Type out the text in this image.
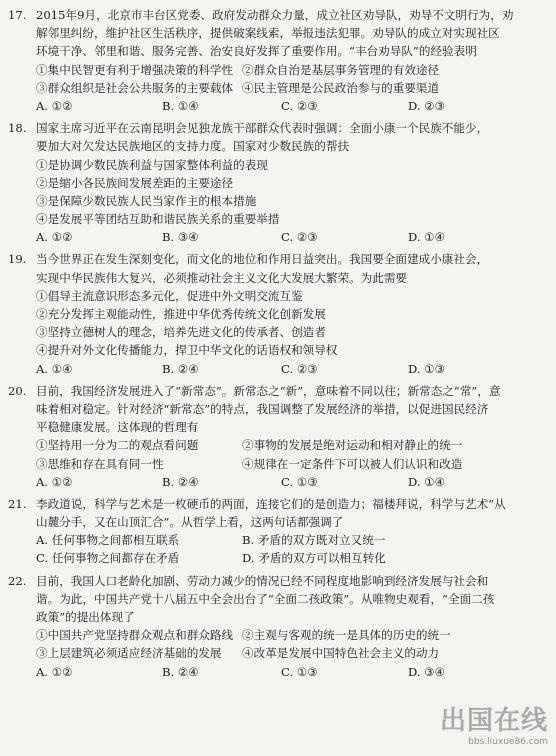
17. 2015年9月，北京市丰台区党委、政府发动群众力量，成立社区劝导队，劝导不文明行为，劝
解邻里纠纷，维护社区生活秩序，提供破案线索，举报违法犯罪。劝导队的成立对实现社区
环境干净、邻里和谐、服务完善、治安良好发挥了重要作用。“丰台劝导队”的经验表明
①集中民智更有利于增强决策的科学性 ②群众自治是基层事务管理的有效途径
③群众组织是社会公共服务的主要载体 ④民主管理是公民政治参与的重要渠道
A. ①②	B. ①④	C. ②③	D. ②③
18. 国家主席习近平在云南昆明会见独龙族干部群众代表时强调：全面小康一个民族不能少，
要加大对欠发达民族地区的支持力度。国家对少数民族的帮扶
①是协调少数民族利益与国家整体利益的表现
②是缩小各民族间发展差距的主要途径
③是保障少数民族人民当家作主的根本措施
④是发展平等团结互助和谐民族关系的重要举措
A. ①②	B. ③④	C. ②③	D. ①④
19. 当今世界正在发生深刻变化，而文化的地位和作用日益突出。我国要全面建成小康社会，
实现中华民族伟大复兴，必须推动社会主义文化大发展大繁荣。为此需要
①倡导主流意识形态多元化，促进中外文明交流互鉴
②充分发挥主观能动性，推进中华优秀传统文化创新发展
③坚持立德树人的理念，培养先进文化的传承者、创造者
④提升对外文化传播能力，捍卫中华文化的话语权和领导权
A. ①④	B. ②④	C. ②③	D. ①③
20. 目前，我国经济发展进入了“新常态”。新常态之“新”，意味着不同以往；新常态之“常”，意
味着相对稳定。针对经济“新常态”的特点，我国调整了发展经济的举措，以促进国民经济
平稳健康发展。这体现的哲理有
①坚持用一分为二的观点看问题	②事物的发展是绝对运动和相对静止的统一
③思维和存在具有同一性	④规律在一定条件下可以被人们认识和改造
A. ①②	B. ②④	C. ①③	D. ①④
21. 李政道说，科学与艺术是一枚硬币的两面，连接它们的是创造力；福楼拜说，科学与艺术“从
山麓分手，又在山顶汇合”。从哲学上看，这两句话都强调了
A. 任何事物之间都相互联系	B. 矛盾的双方既对立又统一
C. 任何事物之间都存在矛盾	D. 矛盾的双方可以相互转化
22. 目前，我国人口老龄化加剧、劳动力减少的情况已经不同程度地影响到经济发展与社会和
谐。为此，中国共产党十八届五中全会出台了“全面二孩政策”。从唯物史观看，“全面二孩
政策”的提出体现了
①中国共产党坚持群众观点和群众路线 ②主观与客观的统一是具体的历史的统一
③上层建筑必须适应经济基础的发展 ④改革是发展中国特色社会主义的动力
A. ①②	B. ②④	C. ①③	D. ③④
出国在线
bbs.liuxue86.com
